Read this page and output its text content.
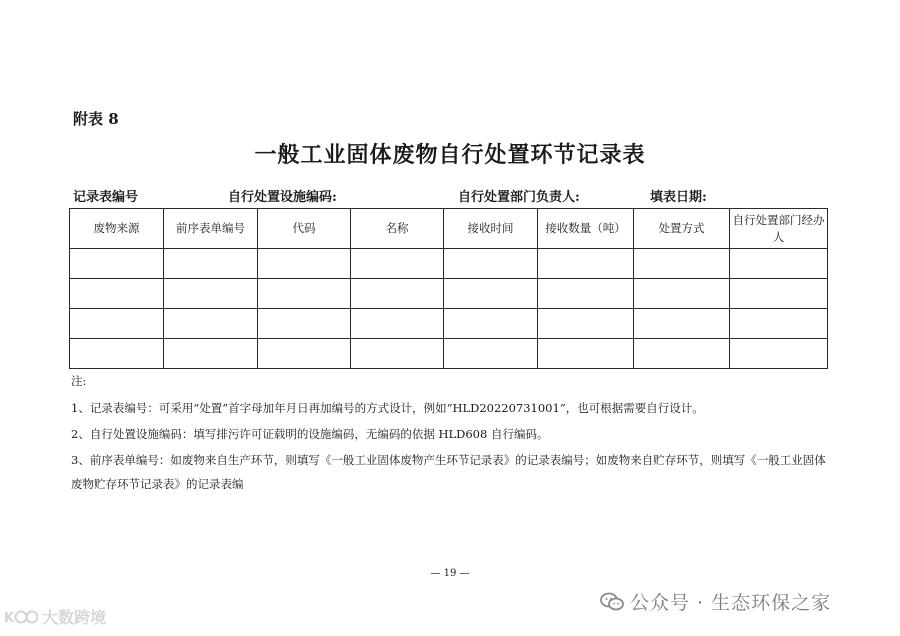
附表 8
一般工业固体废物自行处置环节记录表
记录表编号	自行处置设施编码:	自行处置部门负责人:	填表日期:
废物来源	前序表单编号	代码	名称	接收时间	接收数量（吨）	处置方式	自行处置部门经办人

注:
1、记录表编号：可采用“处置”首字母加年月日再加编号的方式设计，例如“HLD20220731001”，也可根据需要自行设计。
2、自行处置设施编码：填写排污许可证载明的设施编码，无编码的依据 HLD608 自行编码。
3、前序表单编号：如废物来自生产环节，则填写《一般工业固体废物产生环节记录表》的记录表编号；如废物来自贮存环节，则填写《一般工业固体废物贮存环节记录表》的记录表编
— 19 —
公众号 · 生态环保之家
K 大数跨境
